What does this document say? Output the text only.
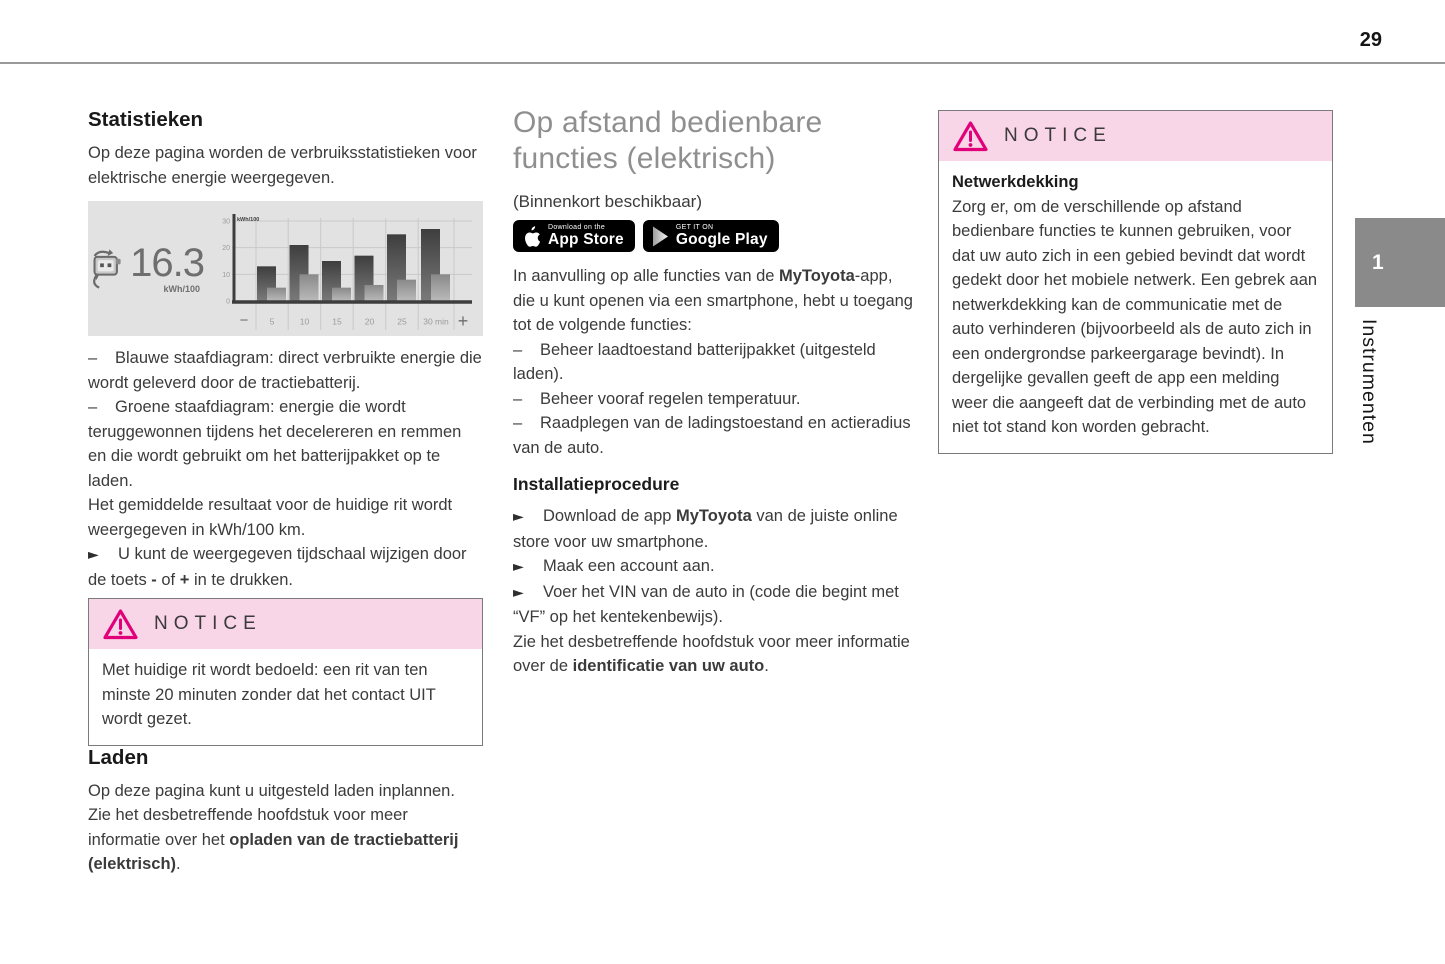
29
Statistieken

Op deze pagina worden de verbruiksstatistieken voor elektrische energie weergegeven.

16.3
kWh/100
0
10
20
30 kWh/100
5	10	15	20	25 30 min
−	+

– Blauwe staafdiagram: direct verbruikte energie die wordt geleverd door de tractiebatterij.

– Groene staafdiagram: energie die wordt teruggewonnen tijdens het decelereren en remmen en die wordt gebruikt om het batterijpakket op te laden.

Het gemiddelde resultaat voor de huidige rit wordt weergegeven in kWh/100 km.

► U kunt de weergegeven tijdschaal wijzigen door de toets - of + in te drukken.

NOTICE
Met huidige rit wordt bedoeld: een rit van ten minste 20 minuten zonder dat het contact UIT wordt gezet.
Laden

Op deze pagina kunt u uitgesteld laden inplannen.

Zie het desbetreffende hoofdstuk voor meer informatie over het opladen van de tractiebatterij (elektrisch).

Op afstand bedienbare functies (elektrisch)

(Binnenkort beschikbaar)

Download on the
App Store
GET IT ON
Google Play

In aanvulling op alle functies van de MyToyota-app, die u kunt openen via een smartphone, hebt u toegang tot de volgende functies:

– Beheer laadtoestand batterijpakket (uitgesteld laden).

– Beheer vooraf regelen temperatuur.

– Raadplegen van de ladingstoestand en actieradius van de auto.

Installatieprocedure

► Download de app MyToyota van de juiste online store voor uw smartphone.

► Maak een account aan.

► Voer het VIN van de auto in (code die begint met “VF” op het kentekenbewijs).

Zie het desbetreffende hoofdstuk voor meer informatie over de identificatie van uw auto.

NOTICE
Netwerkdekking
Zorg er, om de verschillende op afstand bedienbare functies te kunnen gebruiken, voor dat uw auto zich in een gebied bevindt dat wordt gedekt door het mobiele netwerk. Een gebrek aan netwerkdekking kan de communicatie met de auto verhinderen (bijvoorbeeld als de auto zich in een ondergrondse parkeergarage bevindt). In dergelijke gevallen geeft de app een melding weer die aangeeft dat de verbinding met de auto niet tot stand kon worden gebracht.
1
Instrumenten
